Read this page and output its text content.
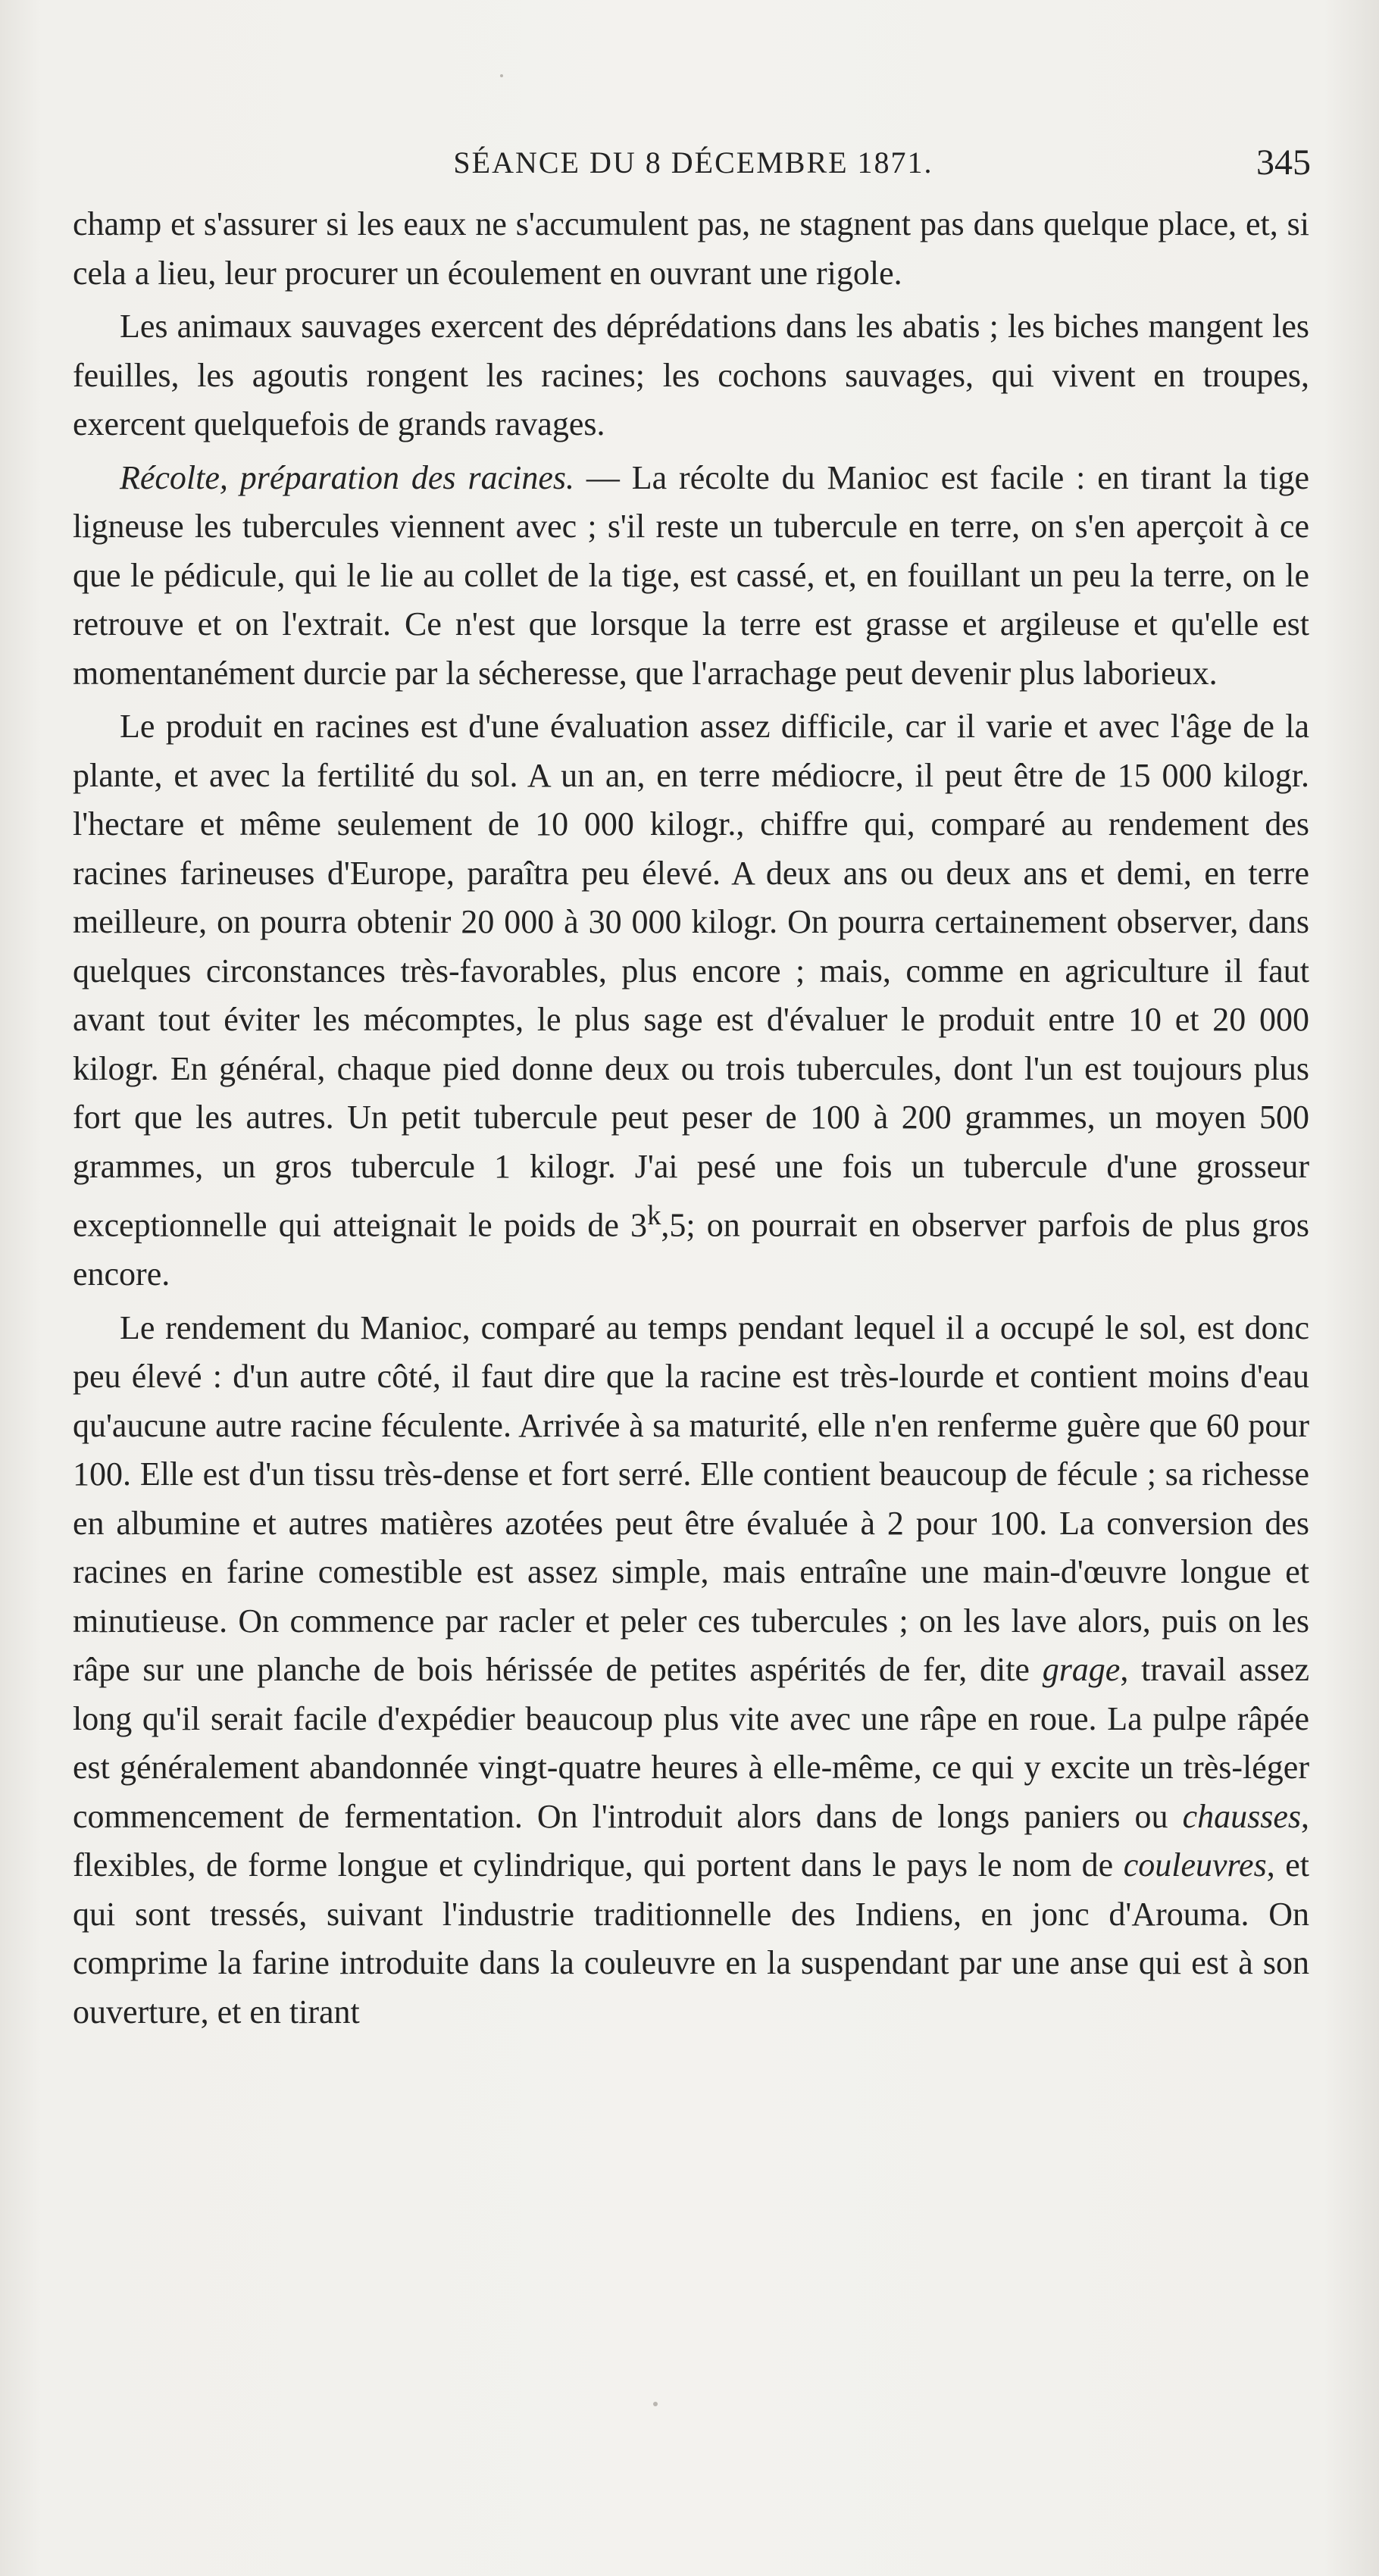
SÉANCE DU 8 DÉCEMBRE 1871.	345

champ et s'assurer si les eaux ne s'accumulent pas, ne stagnent pas dans quelque place, et, si cela a lieu, leur procurer un écoulement en ouvrant une rigole.

Les animaux sauvages exercent des déprédations dans les abatis ; les biches mangent les feuilles, les agoutis rongent les racines; les cochons sauvages, qui vivent en troupes, exercent quelquefois de grands ravages.

Récolte, préparation des racines. — La récolte du Manioc est facile : en tirant la tige ligneuse les tubercules viennent avec ; s'il reste un tubercule en terre, on s'en aperçoit à ce que le pédicule, qui le lie au collet de la tige, est cassé, et, en fouillant un peu la terre, on le retrouve et on l'extrait. Ce n'est que lorsque la terre est grasse et argileuse et qu'elle est momentanément durcie par la sécheresse, que l'arrachage peut devenir plus laborieux.

Le produit en racines est d'une évaluation assez difficile, car il varie et avec l'âge de la plante, et avec la fertilité du sol. A un an, en terre médiocre, il peut être de 15 000 kilogr. l'hectare et même seulement de 10 000 kilogr., chiffre qui, comparé au rendement des racines farineuses d'Europe, paraîtra peu élevé. A deux ans ou deux ans et demi, en terre meilleure, on pourra obtenir 20 000 à 30 000 kilogr. On pourra certainement observer, dans quelques circonstances très-favorables, plus encore ; mais, comme en agriculture il faut avant tout éviter les mécomptes, le plus sage est d'évaluer le produit entre 10 et 20 000 kilogr. En général, chaque pied donne deux ou trois tubercules, dont l'un est toujours plus fort que les autres. Un petit tubercule peut peser de 100 à 200 grammes, un moyen 500 grammes, un gros tubercule 1 kilogr. J'ai pesé une fois un tubercule d'une grosseur exceptionnelle qui atteignait le poids de 3$^k$,5; on pourrait en observer parfois de plus gros encore.

Le rendement du Manioc, comparé au temps pendant lequel il a occupé le sol, est donc peu élevé : d'un autre côté, il faut dire que la racine est très-lourde et contient moins d'eau qu'aucune autre racine féculente. Arrivée à sa maturité, elle n'en renferme guère que 60 pour 100. Elle est d'un tissu très-dense et fort serré. Elle contient beaucoup de fécule ; sa richesse en albumine et autres matières azotées peut être évaluée à 2 pour 100. La conversion des racines en farine comestible est assez simple, mais entraîne une main-d'œuvre longue et minutieuse. On commence par racler et peler ces tubercules ; on les lave alors, puis on les râpe sur une planche de bois hérissée de petites aspérités de fer, dite grage, travail assez long qu'il serait facile d'expédier beaucoup plus vite avec une râpe en roue. La pulpe râpée est généralement abandonnée vingt-quatre heures à elle-même, ce qui y excite un très-léger commencement de fermentation. On l'introduit alors dans de longs paniers ou chausses, flexibles, de forme longue et cylindrique, qui portent dans le pays le nom de couleuvres, et qui sont tressés, suivant l'industrie traditionnelle des Indiens, en jonc d'Arouma. On comprime la farine introduite dans la couleuvre en la suspendant par une anse qui est à son ouverture, et en tirant
